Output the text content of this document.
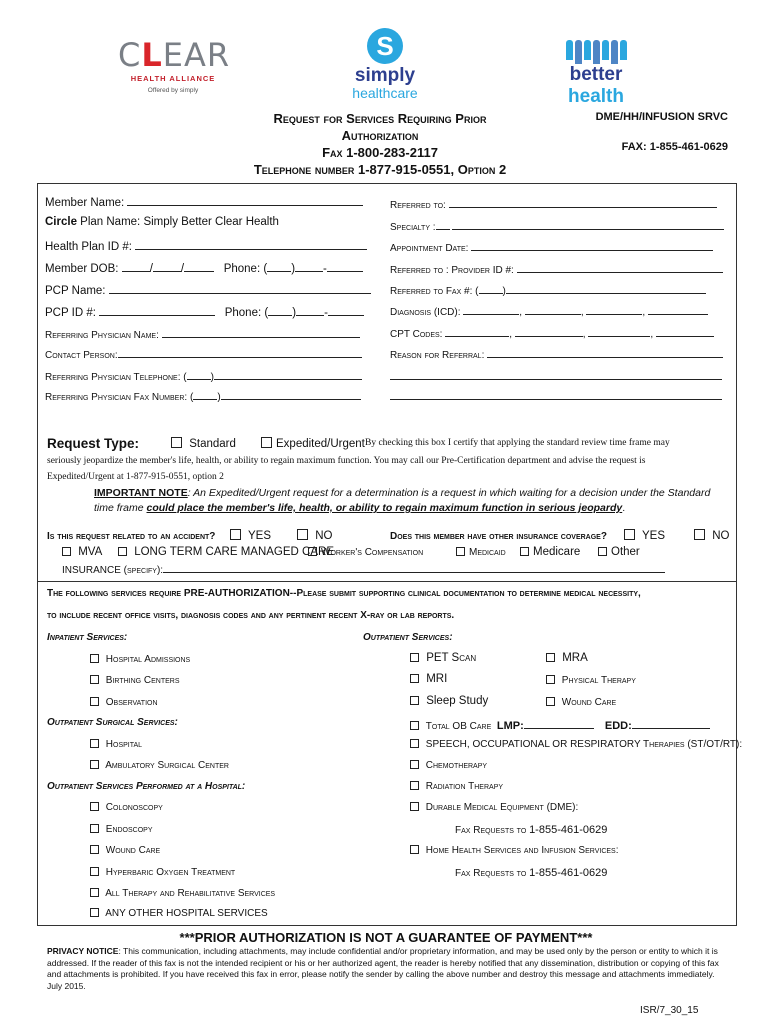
CLEAR
HEALTH ALLIANCE
Offered by simply
S
simply
healthcare
better health
Request for Services Requiring Prior
Authorization
Fax 1-800-283-2117
Telephone number 1-877-915-0551, Option 2
DME/HH/INFUSION SRVC
FAX: 1-855-461-0629
Member Name:
Circle Plan Name: Simply Better Clear Health
Health Plan ID #:
Member DOB:	/ /	Phone: ( ) -
PCP Name:
PCP ID #:	Phone: ( ) -
Referring Physician Name:
Contact Person:
Referring Physician Telephone: ( )
Referring Physician Fax Number: ( )
Referred to:
Specialty :
Appointment Date:
Referred to : Provider ID #:
Referred to Fax #: ( )
Diagnosis (ICD):	,	,	,
CPT Codes:	,	,	,
Reason for Referral:
Request Type:	Standard	Expedited/Urgent By checking this box I certify that applying the standard review time frame may
seriously jeopardize the member's life, health, or ability to regain maximum function. You may call our Pre-Certification department and advise the request is
Expedited/Urgent at 1-877-915-0551, option 2
IMPORTANT NOTE: An Expedited/Urgent request for a determination is a request in which waiting for a decision under the Standard
time frame could place the member's life, health, or ability to regain maximum function in serious jeopardy.
Is this request related to an accident?	YES	NO	Does this member have other insurance coverage?	YES	NO
MVA	LONG TERM CARE MANAGED CARE
Worker's Compensation	Medicaid	Medicare	Other
INSURANCE (specify):
The following services require PRE-AUTHORIZATION--Please submit supporting clinical documentation to determine medical necessity,
to include recent office visits, diagnosis codes and any pertinent recent X-ray or lab reports.
Inpatient Services:	Outpatient Services:
Hospital Admissions
Birthing Centers
Observation
Outpatient Surgical Services:
Hospital
Ambulatory Surgical Center
Outpatient Services Performed at a Hospital:
Colonoscopy
Endoscopy
Wound Care
Hyperbaric Oxygen Treatment
All Therapy and Rehabilitative Services
ANY OTHER HOSPITAL SERVICES
PET Scan	MRA
MRI	Physical Therapy
Sleep Study	Wound Care
Total OB Care LMP:	EDD:
SPEECH, OCCUPATIONAL OR RESPIRATORY Therapies (ST/OT/RT):
Chemotherapy
Radiation Therapy
Durable Medical Equipment (DME):
Fax Requests to 1-855-461-0629
Home Health Services and Infusion Services:
Fax Requests to 1-855-461-0629
***PRIOR AUTHORIZATION IS NOT A GUARANTEE OF PAYMENT***
PRIVACY NOTICE: This communication, including attachments, may include confidential and/or proprietary information, and may be used only by the person or entity to which it is addressed. If the reader of this fax is not the intended recipient or his or her authorized agent, the reader is hereby notified that any dissemination, distribution or copying of this fax and attachments is prohibited. If you have received this fax in error, please notify the sender by calling the above number and destroy this message and attachments immediately. July 2015.
ISR/7_30_15
